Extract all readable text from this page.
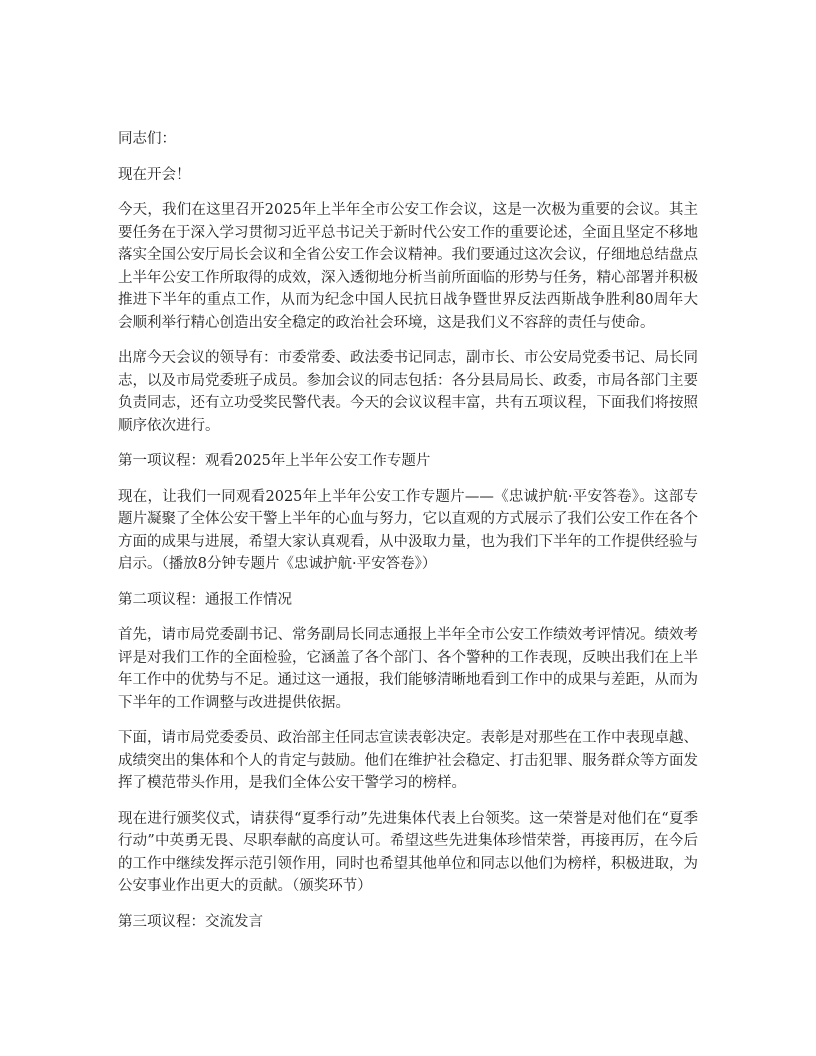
同志们：

现在开会！

今天，我们在这里召开2025年上半年全市公安工作会议，这是一次极为重要的会议。其主要任务在于深入学习贯彻习近平总书记关于新时代公安工作的重要论述，全面且坚定不移地落实全国公安厅局长会议和全省公安工作会议精神。我们要通过这次会议，仔细地总结盘点上半年公安工作所取得的成效，深入透彻地分析当前所面临的形势与任务，精心部署并积极推进下半年的重点工作，从而为纪念中国人民抗日战争暨世界反法西斯战争胜利80周年大会顺利举行精心创造出安全稳定的政治社会环境，这是我们义不容辞的责任与使命。

出席今天会议的领导有：市委常委、政法委书记同志，副市长、市公安局党委书记、局长同志，以及市局党委班子成员。参加会议的同志包括：各分县局局长、政委，市局各部门主要负责同志，还有立功受奖民警代表。今天的会议议程丰富，共有五项议程，下面我们将按照顺序依次进行。

第一项议程：观看2025年上半年公安工作专题片

现在，让我们一同观看2025年上半年公安工作专题片——《忠诚护航·平安答卷》。这部专题片凝聚了全体公安干警上半年的心血与努力，它以直观的方式展示了我们公安工作在各个方面的成果与进展，希望大家认真观看，从中汲取力量，也为我们下半年的工作提供经验与启示。（播放8分钟专题片《忠诚护航·平安答卷》）

第二项议程：通报工作情况

首先，请市局党委副书记、常务副局长同志通报上半年全市公安工作绩效考评情况。绩效考评是对我们工作的全面检验，它涵盖了各个部门、各个警种的工作表现，反映出我们在上半年工作中的优势与不足。通过这一通报，我们能够清晰地看到工作中的成果与差距，从而为下半年的工作调整与改进提供依据。

下面，请市局党委委员、政治部主任同志宣读表彰决定。表彰是对那些在工作中表现卓越、成绩突出的集体和个人的肯定与鼓励。他们在维护社会稳定、打击犯罪、服务群众等方面发挥了模范带头作用，是我们全体公安干警学习的榜样。

现在进行颁奖仪式，请获得“夏季行动”先进集体代表上台领奖。这一荣誉是对他们在“夏季行动”中英勇无畏、尽职奉献的高度认可。希望这些先进集体珍惜荣誉，再接再厉，在今后的工作中继续发挥示范引领作用，同时也希望其他单位和同志以他们为榜样，积极进取，为公安事业作出更大的贡献。（颁奖环节）

第三项议程：交流发言
